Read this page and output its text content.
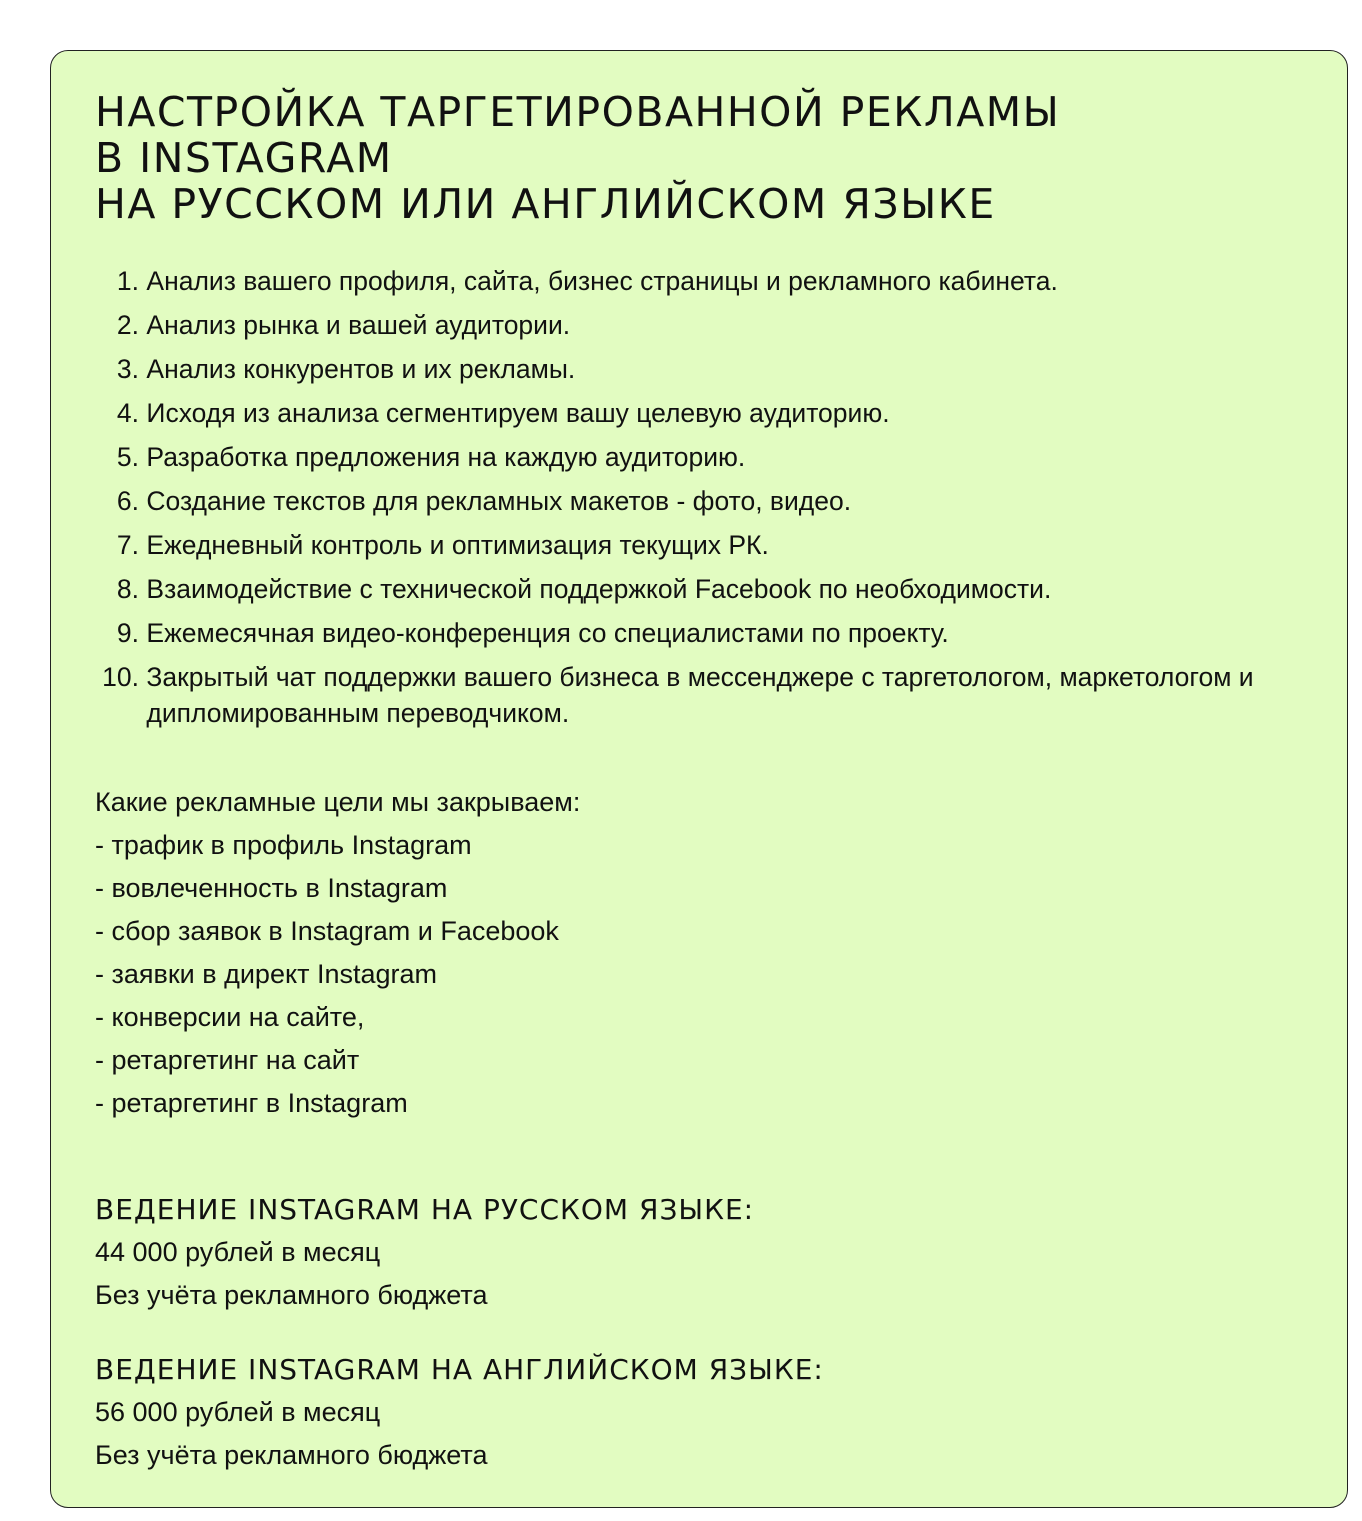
НАСТРОЙКА ТАРГЕТИРОВАННОЙ РЕКЛАМЫ
В INSTAGRAM
НА РУССКОМ ИЛИ АНГЛИЙСКОМ ЯЗЫКЕ
1. Анализ вашего профиля, сайта, бизнес страницы и рекламного кабинета.
2. Анализ рынка и вашей аудитории.
3. Анализ конкурентов и их рекламы.
4. Исходя из анализа сегментируем вашу целевую аудиторию.
5. Разработка предложения на каждую аудиторию.
6. Создание текстов для рекламных макетов - фото, видео.
7. Ежедневный контроль и оптимизация текущих РК.
8. Взаимодействие с технической поддержкой Facebook по необходимости.
9. Ежемесячная видео-конференция со специалистами по проекту.
10. Закрытый чат поддержки вашего бизнеса в мессенджере с таргетологом, маркетологом и дипломированным переводчиком.
Какие рекламные цели мы закрываем:
- трафик в профиль Instagram
- вовлеченность в Instagram
- сбор заявок в Instagram и Facebook
- заявки в директ Instagram
- конверсии на сайте,
- ретаргетинг на сайт
- ретаргетинг в Instagram
ВЕДЕНИЕ INSTAGRAM НА РУССКОМ ЯЗЫКЕ:
44 000 рублей в месяц
Без учёта рекламного бюджета
ВЕДЕНИЕ INSTAGRAM НА АНГЛИЙСКОМ ЯЗЫКЕ:
56 000 рублей в месяц
Без учёта рекламного бюджета
